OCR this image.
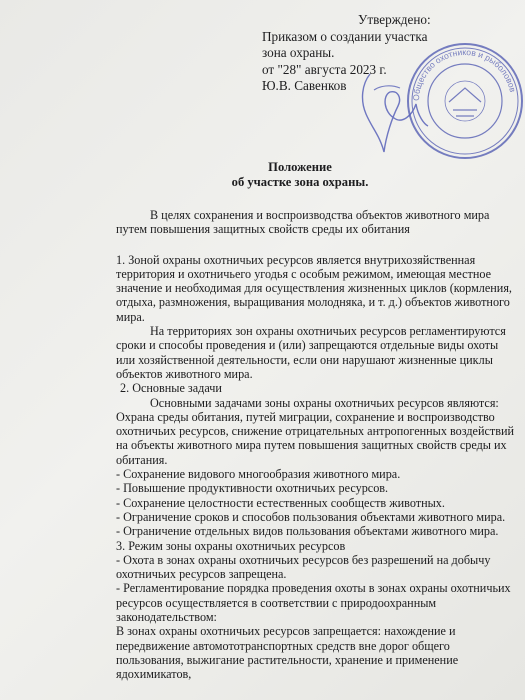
Утверждено:
Приказом о создании участка
зона охраны.
от "28" августа 2023 г.
Ю.В. Савенков
Общество охотников и рыболовов
Положение
об участке зона охраны.

В целях сохранения и воспроизводства объектов животного мира путем повышения защитных свойств среды их обитания

1. Зоной охраны охотничьих ресурсов является внутрихозяйственная территория и охотничьего угодья с особым режимом, имеющая местное значение и необходимая для осуществления жизненных циклов (кормления, отдыха, размножения, выращивания молодняка, и т. д.) объектов животного мира.

На территориях зон охраны охотничьих ресурсов регламентируются сроки и способы проведения и (или) запрещаются отдельные виды охоты или хозяйственной деятельности, если они нарушают жизненные циклы объектов животного мира.

2. Основные задачи

Основными задачами зоны охраны охотничьих ресурсов являются:

Охрана среды обитания, путей миграции, сохранение и воспроизводство охотничьих ресурсов, снижение отрицательных антропогенных воздействий на объекты животного мира путем повышения защитных свойств среды их обитания.

- Сохранение видового многообразия животного мира.

- Повышение продуктивности охотничьих ресурсов.

- Сохранение целостности естественных сообществ животных.

- Ограничение сроков и способов пользования объектами животного мира.

- Ограничение отдельных видов пользования объектами животного мира.

3. Режим зоны охраны охотничьих ресурсов

- Охота в зонах охраны охотничьих ресурсов без разрешений на добычу охотничьих ресурсов запрещена.

- Регламентирование порядка проведения охоты в зонах охраны охотничьих ресурсов осуществляется в соответствии с природоохранным законодательством:

В зонах охраны охотничьих ресурсов запрещается: нахождение и передвижение автомототранспортных средств вне дорог общего пользования, выжигание растительности, хранение и применение ядохимикатов,
